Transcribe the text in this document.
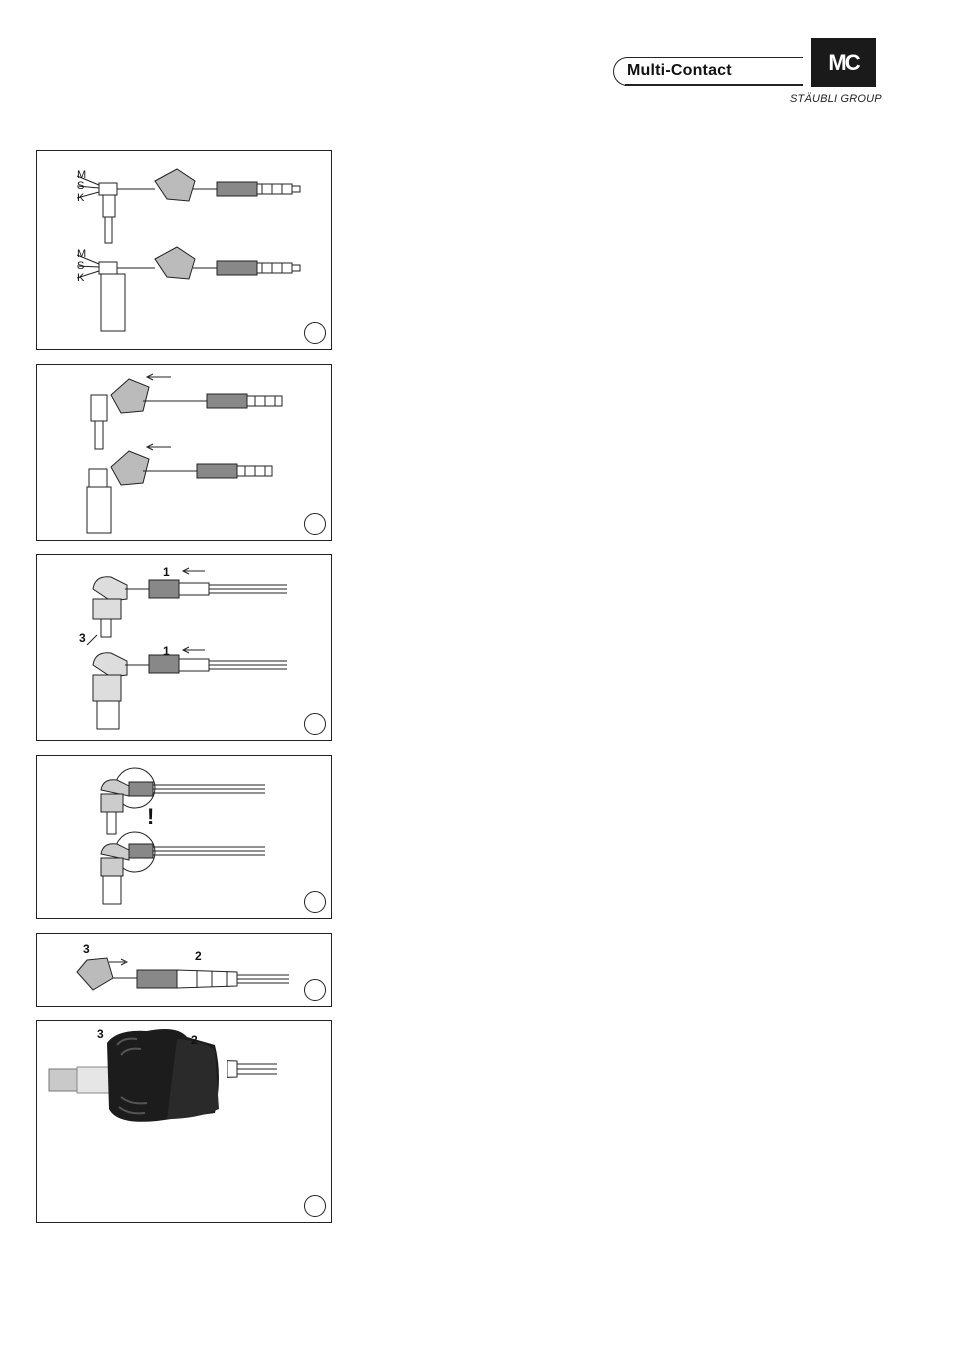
Multi-Contact	MC
STÄUBLI GROUP
M
S
K
M
S
K
1
3
1
!
3	2
3	2
